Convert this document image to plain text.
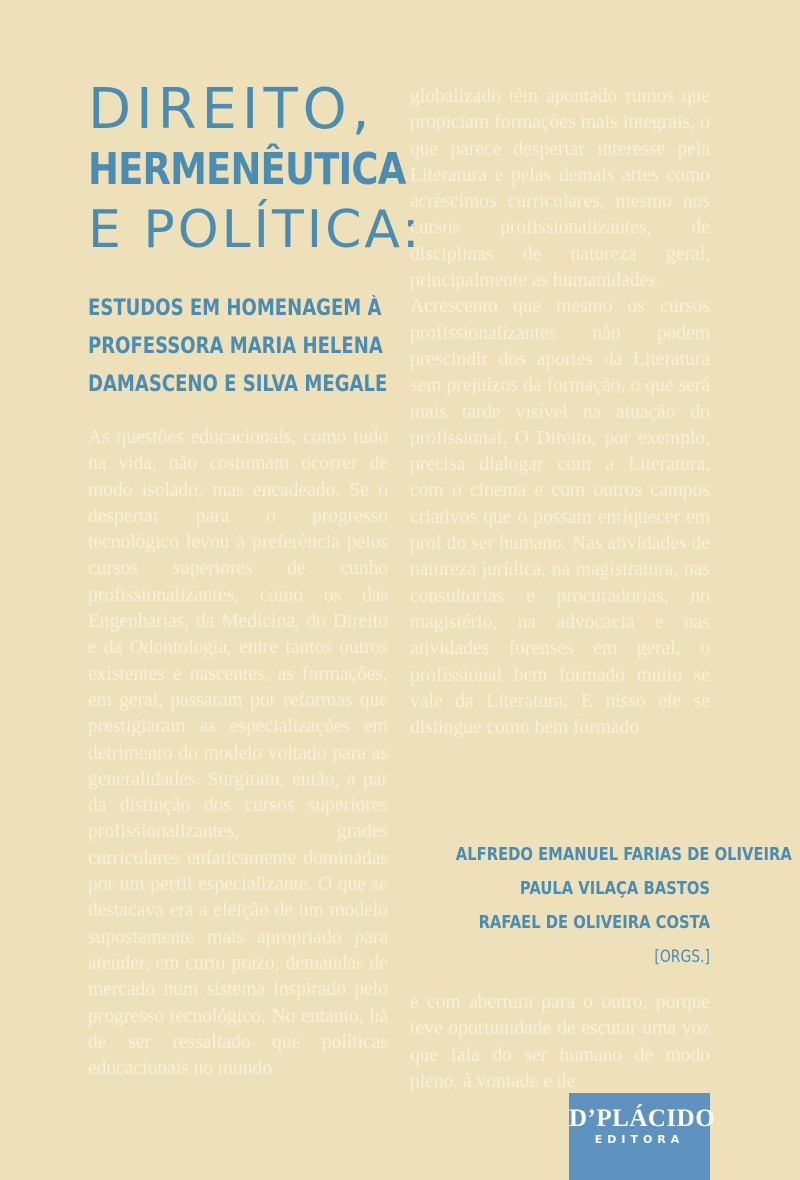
DIREITO,
HERMENÊUTICA
E POLÍTICA:
ESTUDOS EM HOMENAGEM À
PROFESSORA MARIA HELENA
DAMASCENO E SILVA MEGALE

As questões educacionais, como tudo na vida, não costumam ocorrer de modo isolado, mas encadeado. Se o despertar para o progresso tecnológico levou à preferência pelos cursos superiores de cunho profissionalizantes, como os das Engenharias, da Medicina, do Direito e da Odontologia, entre tantos outros existentes e nascentes, as formações, em geral, passaram por reformas que prestigiaram as especializações em detrimento do modelo voltado para as generalidades. Surgiram, então, a par da distinção dos cursos superiores profissionalizantes, grades curriculares enfaticamente dominadas por um perfil especializante. O que se destacava era a eleição de um modelo supostamente mais apropriado para atender, em curto prazo, demandas de mercado num sistema inspirado pelo progresso tecnológico. No entanto, há de ser ressaltado que políticas educacionais no mundo

globalizado têm apontado rumos que propiciam formações mais integrais, o que parece despertar interesse pela Literatura e pelas demais artes como acréscimos curriculares, mesmo nos cursos profissionalizantes, de disciplinas de natureza geral, principalmente as humanidades.

Acrescento que mesmo os cursos profissionalizantes não podem prescindir dos aportes da Literatura sem prejuízos da formação, o que será mais tarde visível na atuação do profissional. O Direito, por exemplo, precisa dialogar com a Literatura, com o cinema e com outros campos criativos que o possam enriquecer em prol do ser humano. Nas atividades de natureza jurídica, na magistratura, nas consultorias e procuradorias, no magistério, na advocacia e nas atividades forenses em geral, o profissional bem formado muito se vale da Literatura. E nisso ele se distingue como bem formado

ALFREDO EMANUEL FARIAS DE OLIVEIRA
PAULA VILAÇA BASTOS
RAFAEL DE OLIVEIRA COSTA
[ORGS.]

e com abertura para o outro, porque teve oportunidade de escutar uma voz que fala do ser humano de modo pleno, à vontade e de

D’PLÁCIDO
EDITORA
